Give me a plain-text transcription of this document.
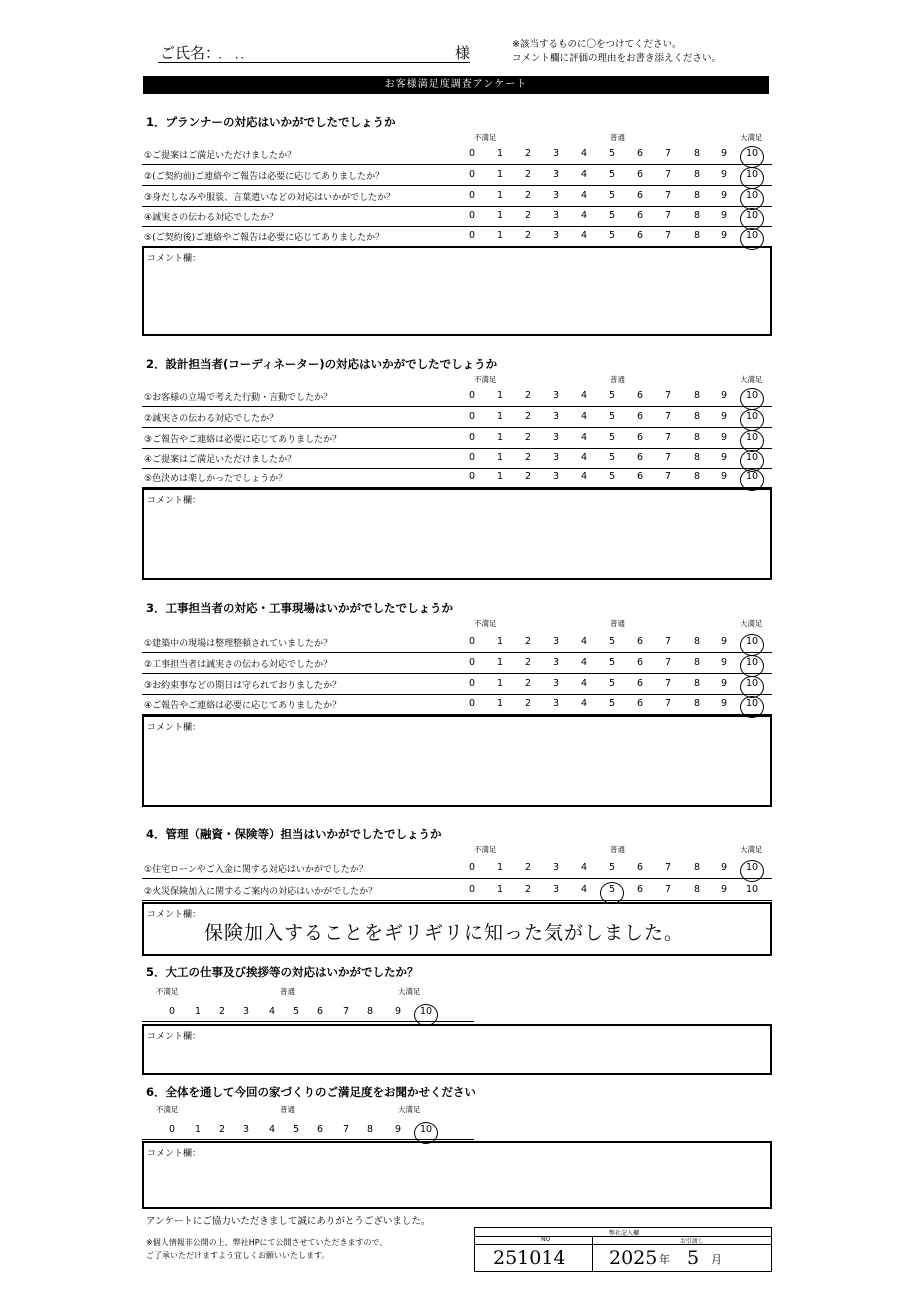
ご氏名： ．　．．	様	※該当するものに〇をつけてください。
コメント欄に評価の理由をお書き添えください。
お客様満足度調査アンケート
1．プランナーの対応はいかがでしたでしょうか
不満足	普通	大満足
①ご提案はご満足いただけましたか？	0	1	2	3	4	5	6	7	8	9	10
②(ご契約前)ご連絡やご報告は必要に応じてありましたか？	0	1	2	3	4	5	6	7	8	9	10
③身だしなみや服装、言葉遣いなどの対応はいかがでしたか？	0	1	2	3	4	5	6	7	8	9	10
④誠実さの伝わる対応でしたか？	0	1	2	3	4	5	6	7	8	9	10
⑤(ご契約後)ご連絡やご報告は必要に応じてありましたか？	0	1	2	3	4	5	6	7	8	9	10
コメント欄：
2．設計担当者(コーディネーター)の対応はいかがでしたでしょうか
不満足	普通	大満足
①お客様の立場で考えた行動・言動でしたか？	0	1	2	3	4	5	6	7	8	9	10
②誠実さの伝わる対応でしたか？	0	1	2	3	4	5	6	7	8	9	10
③ご報告やご連絡は必要に応じてありましたか？	0	1	2	3	4	5	6	7	8	9	10
④ご提案はご満足いただけましたか？	0	1	2	3	4	5	6	7	8	9	10
⑤色決めは楽しかったでしょうか？	0	1	2	3	4	5	6	7	8	9	10
コメント欄：
3．工事担当者の対応・工事現場はいかがでしたでしょうか
不満足	普通	大満足
①建築中の現場は整理整頓されていましたか？	0	1	2	3	4	5	6	7	8	9	10
②工事担当者は誠実さの伝わる対応でしたか？	0	1	2	3	4	5	6	7	8	9	10
③お約束事などの期日は守られておりましたか？	0	1	2	3	4	5	6	7	8	9	10
④ご報告やご連絡は必要に応じてありましたか？	0	1	2	3	4	5	6	7	8	9	10
コメント欄：
4．管理（融資・保険等）担当はいかがでしたでしょうか
不満足	普通	大満足
①住宅ローンやご入金に関する対応はいかがでしたか？	0	1	2	3	4	5	6	7	8	9	10
②火災保険加入に関するご案内の対応はいかがでしたか？	0	1	2	3	4	5	6	7	8	9	10
コメント欄：
保険加入することをギリギリに知った気がしました。
5．大工の仕事及び挨拶等の対応はいかがでしたか？
不満足	普通	大満足
0	1	2	3	4	5	6	7	8	9	10
コメント欄：
6．全体を通して今回の家づくりのご満足度をお聞かせください
不満足	普通	大満足
0	1	2	3	4	5	6	7	8	9	10
コメント欄：
アンケートにご協力いただきまして誠にありがとうございました。
※個人情報非公開の上、弊社HPにて公開させていただきますので、
ご了承いただけますよう宜しくお願いいたします。
弊社記入欄
NO	お引渡し
251014 2025 年 5 月
